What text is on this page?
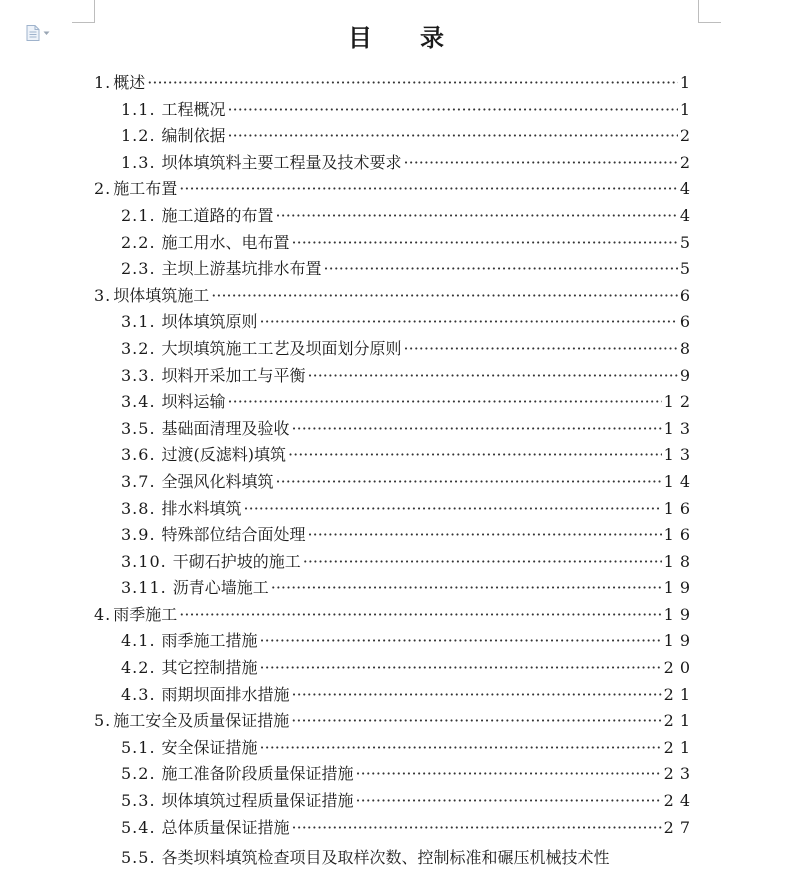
目 录
1. 概述 ·····	1
1.1. 工程概况 ·····	1
1.2. 编制依据 ·····	2
1.3. 坝体填筑料主要工程量及技术要求 ·····	2
2. 施工布置 ·····	4
2.1. 施工道路的布置 ·····	4
2.2. 施工用水、电布置 ·····	5
2.3. 主坝上游基坑排水布置 ·····	5
3. 坝体填筑施工 ·····	6
3.1. 坝体填筑原则 ·····	6
3.2. 大坝填筑施工工艺及坝面划分原则 ·····	8
3.3. 坝料开采加工与平衡 ·····	9
3.4. 坝料运输 ·····	12
3.5. 基础面清理及验收 ·····	13
3.6. 过渡(反滤料)填筑 ·····	13
3.7. 全强风化料填筑 ·····	14
3.8. 排水料填筑 ·····	16
3.9. 特殊部位结合面处理 ·····	16
3.10. 干砌石护坡的施工 ·····	18
3.11. 沥青心墙施工 ·····	19
4. 雨季施工 ·····	19
4.1. 雨季施工措施 ·····	19
4.2. 其它控制措施 ·····	20
4.3. 雨期坝面排水措施 ·····	21
5. 施工安全及质量保证措施 ·····	21
5.1. 安全保证措施 ·····	21
5.2. 施工准备阶段质量保证措施 ·····	23
5.3. 坝体填筑过程质量保证措施 ·····	24
5.4. 总体质量保证措施 ·····	27
5.5. 各类坝料填筑检查项目及取样次数、控制标准和碾压机械技术性
